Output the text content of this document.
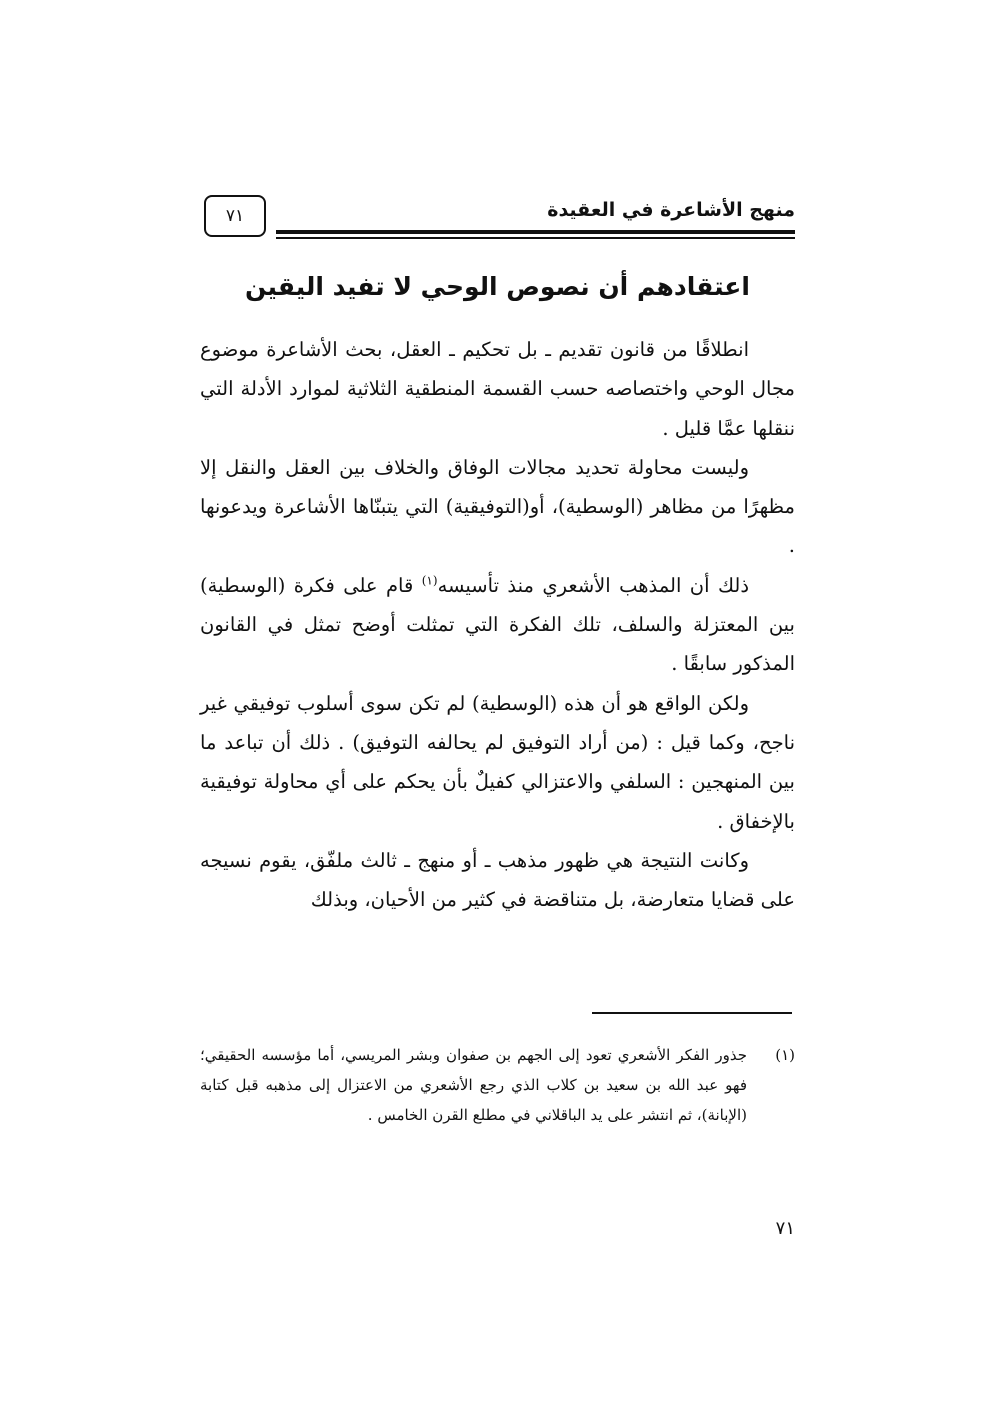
٧١	منهج الأشاعرة في العقيدة
اعتقادهم أن نصوص الوحي لا تفيد اليقين

انطلاقًا من قانون تقديم ـ بل تحكيم ـ العقل، بحث الأشاعرة موضوع مجال الوحي واختصاصه حسب القسمة المنطقية الثلاثية لموارد الأدلة التي ننقلها عمَّا قليل .

وليست محاولة تحديد مجالات الوفاق والخلاف بين العقل والنقل إلا مظهرًا من مظاهر (الوسطية)، أو(التوفيقية) التي يتبنّاها الأشاعرة ويدعونها .

ذلك أن المذهب الأشعري منذ تأسيسه$^{(١)}$ قام على فكرة (الوسطية) بين المعتزلة والسلف، تلك الفكرة التي تمثلت أوضح تمثل في القانون المذكور سابقًا .

ولكن الواقع هو أن هذه (الوسطية) لم تكن سوى أسلوب توفيقي غير ناجح، وكما قيل : (من أراد التوفيق لم يحالفه التوفيق) . ذلك أن تباعد ما بين المنهجين : السلفي والاعتزالي كفيلٌ بأن يحكم على أي محاولة توفيقية بالإخفاق .

وكانت النتيجة هي ظهور مذهب ـ أو منهج ـ ثالث ملفّق، يقوم نسيجه على قضايا متعارضة، بل متناقضة في كثير من الأحيان، وبذلك

(١)
جذور الفكر الأشعري تعود إلى الجهم بن صفوان وبشر المريسي، أما مؤسسه الحقيقي؛ فهو عبد الله بن سعيد بن كلاب الذي رجع الأشعري من الاعتزال إلى مذهبه قبل كتابة (الإبانة)، ثم انتشر على يد الباقلاني في مطلع القرن الخامس .
٧١
